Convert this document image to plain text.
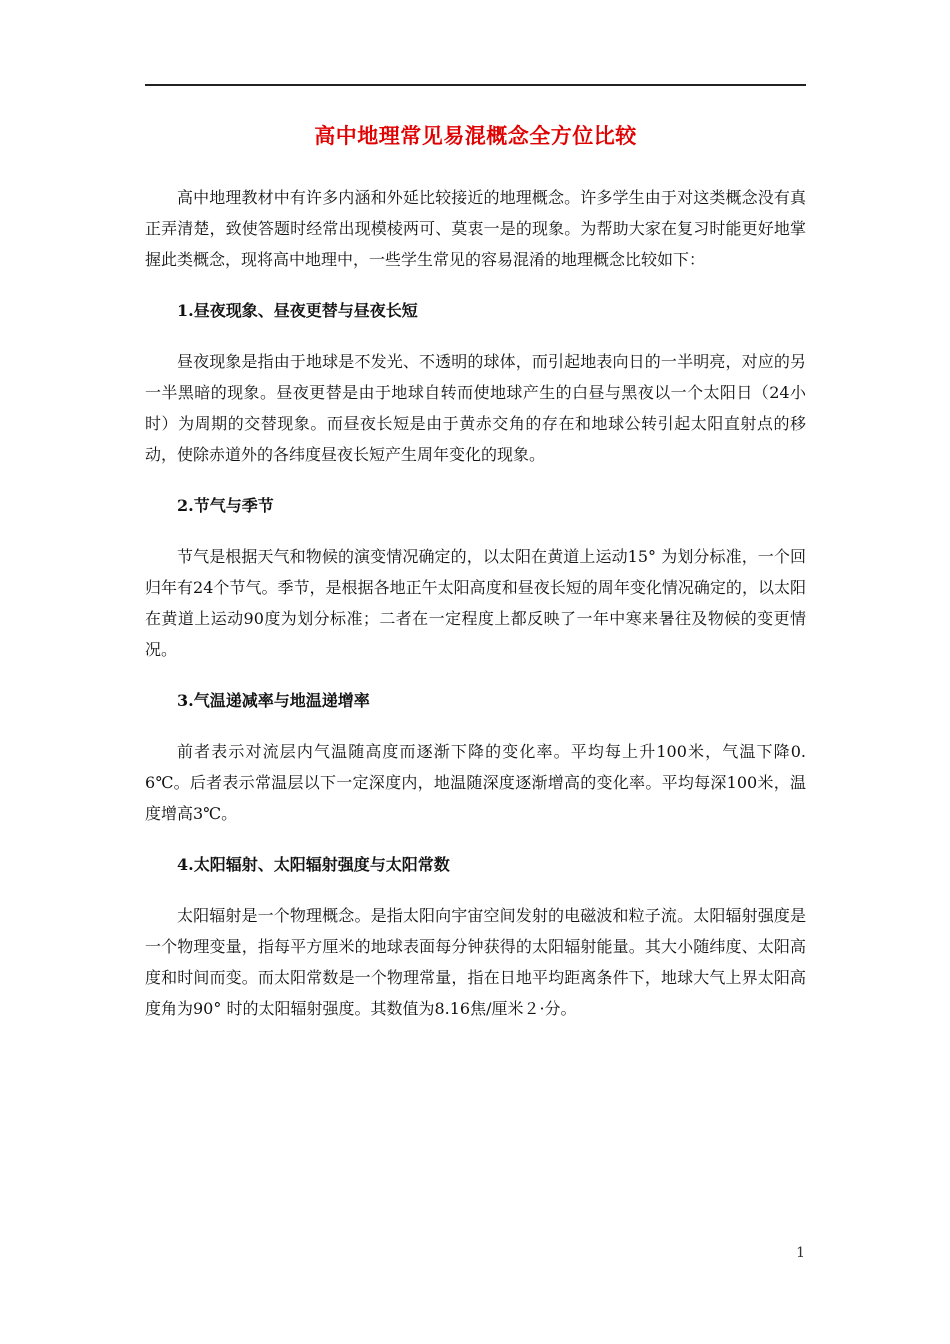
高中地理常见易混概念全方位比较

高中地理教材中有许多内涵和外延比较接近的地理概念。许多学生由于对这类概念没有真正弄清楚，致使答题时经常出现模棱两可、莫衷一是的现象。为帮助大家在复习时能更好地掌握此类概念，现将高中地理中，一些学生常见的容易混淆的地理概念比较如下：

1.昼夜现象、昼夜更替与昼夜长短

昼夜现象是指由于地球是不发光、不透明的球体，而引起地表向日的一半明亮，对应的另一半黑暗的现象。昼夜更替是由于地球自转而使地球产生的白昼与黑夜以一个太阳日（24小时）为周期的交替现象。而昼夜长短是由于黄赤交角的存在和地球公转引起太阳直射点的移动，使除赤道外的各纬度昼夜长短产生周年变化的现象。

2.节气与季节

节气是根据天气和物候的演变情况确定的，以太阳在黄道上运动15° 为划分标准，一个回归年有24个节气。季节，是根据各地正午太阳高度和昼夜长短的周年变化情况确定的，以太阳在黄道上运动90度为划分标准；二者在一定程度上都反映了一年中寒来暑往及物候的变更情况。

3.气温递减率与地温递增率

前者表示对流层内气温随高度而逐渐下降的变化率。平均每上升100米，气温下降0.6℃。后者表示常温层以下一定深度内，地温随深度逐渐增高的变化率。平均每深100米，温度增高3℃。

4.太阳辐射、太阳辐射强度与太阳常数

太阳辐射是一个物理概念。是指太阳向宇宙空间发射的电磁波和粒子流。太阳辐射强度是一个物理变量，指每平方厘米的地球表面每分钟获得的太阳辐射能量。其大小随纬度、太阳高度和时间而变。而太阳常数是一个物理常量，指在日地平均距离条件下，地球大气上界太阳高度角为90° 时的太阳辐射强度。其数值为8.16焦/厘米２·分。

1
